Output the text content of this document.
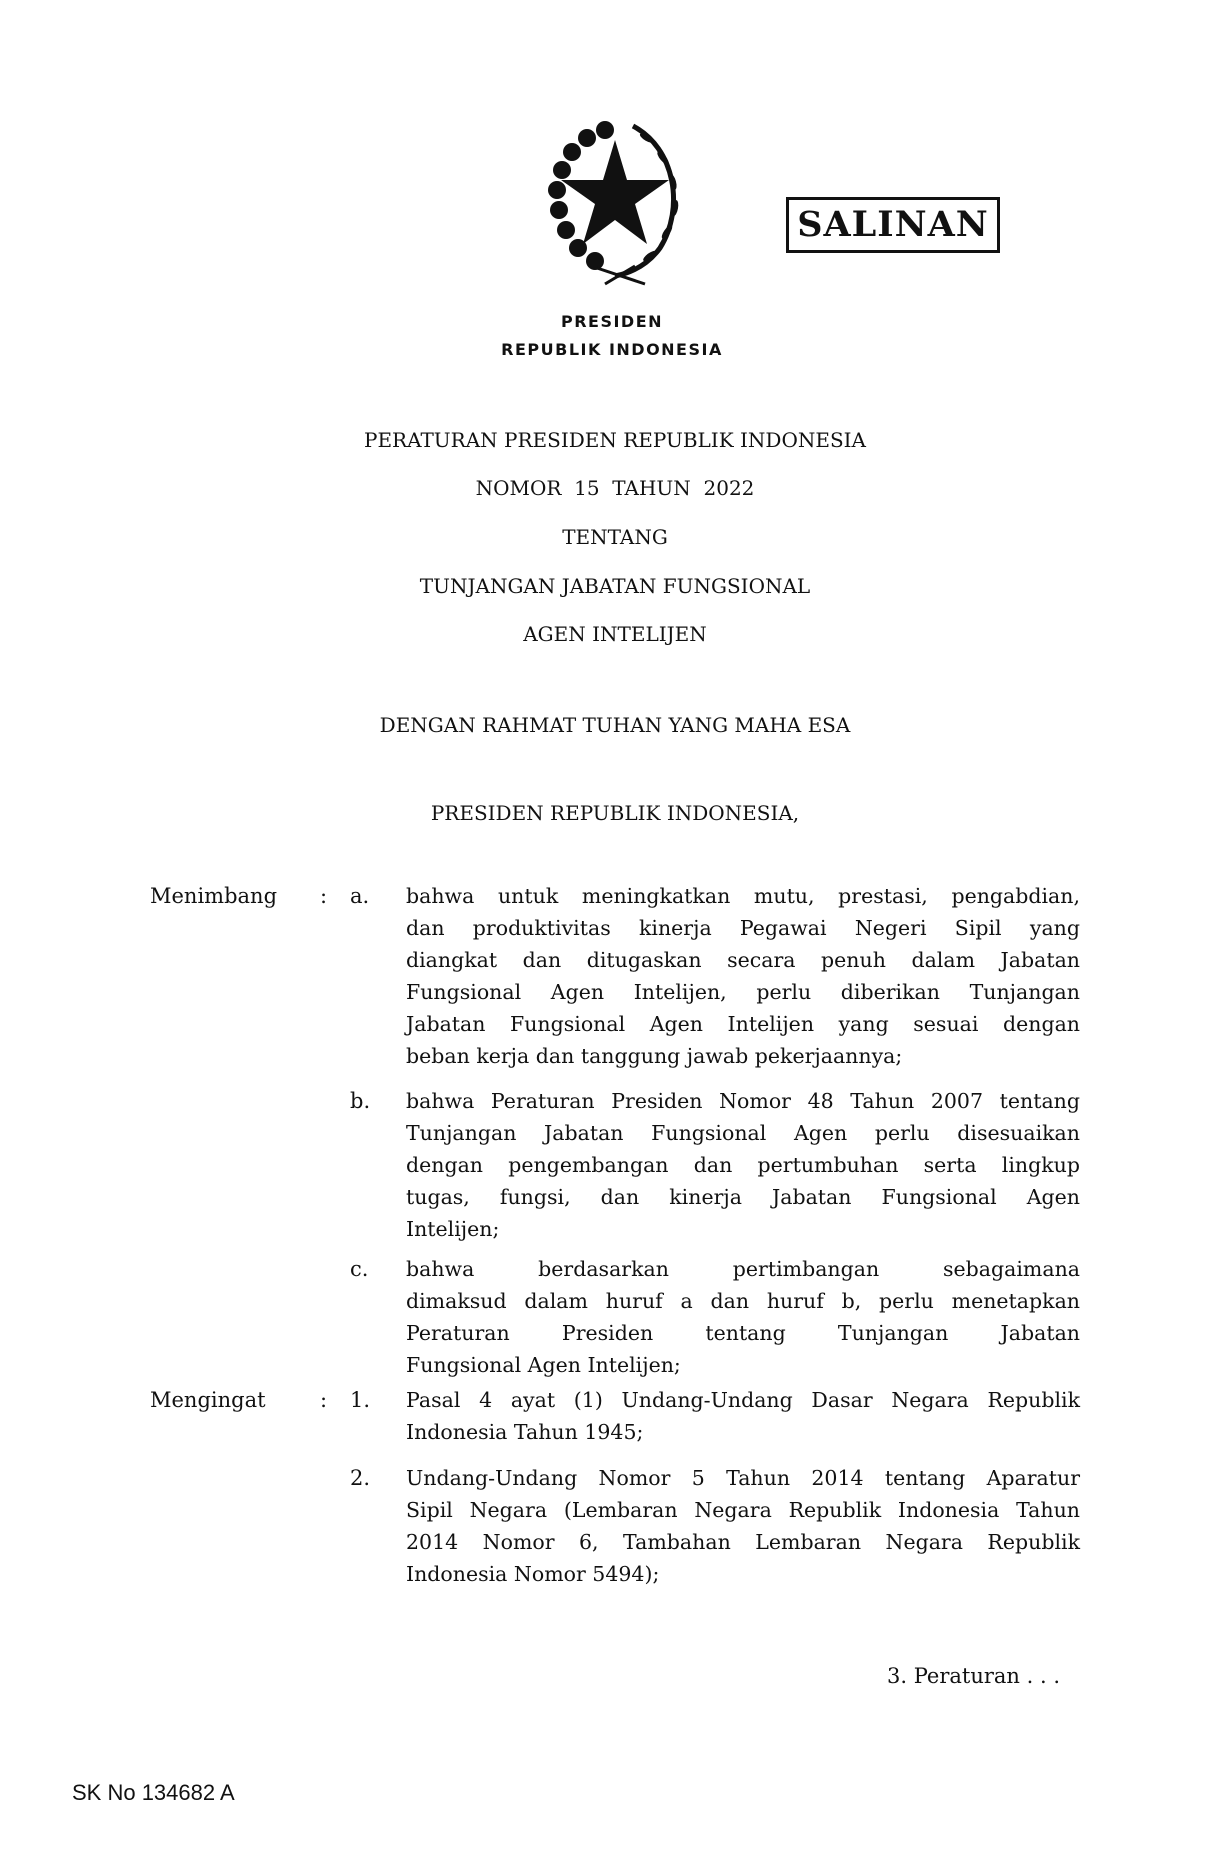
SALINAN
PRESIDEN
REPUBLIK INDONESIA
PERATURAN PRESIDEN REPUBLIK INDONESIA
NOMOR  15  TAHUN  2022
TENTANG
TUNJANGAN JABATAN FUNGSIONAL
AGEN INTELIJEN
DENGAN RAHMAT TUHAN YANG MAHA ESA
PRESIDEN REPUBLIK INDONESIA,
Menimbang :
Mengingat	:
a. bahwa untuk meningkatkan mutu, prestasi, pengabdian,
dan produktivitas kinerja Pegawai Negeri Sipil yang
diangkat dan ditugaskan secara penuh dalam Jabatan
Fungsional Agen Intelijen, perlu diberikan Tunjangan
Jabatan Fungsional Agen Intelijen yang sesuai dengan
beban kerja dan tanggung jawab pekerjaannya;
b. bahwa Peraturan Presiden Nomor 48 Tahun 2007 tentang
Tunjangan Jabatan Fungsional Agen perlu disesuaikan
dengan pengembangan dan pertumbuhan serta lingkup
tugas, fungsi, dan kinerja Jabatan Fungsional Agen
Intelijen;
c. bahwa berdasarkan pertimbangan sebagaimana
dimaksud dalam huruf a dan huruf b, perlu menetapkan
Peraturan Presiden tentang Tunjangan Jabatan
Fungsional Agen Intelijen;
1. Pasal 4 ayat (1) Undang-Undang Dasar Negara Republik
Indonesia Tahun 1945;
2. Undang-Undang Nomor 5 Tahun 2014 tentang Aparatur
Sipil Negara (Lembaran Negara Republik Indonesia Tahun
2014 Nomor 6, Tambahan Lembaran Negara Republik
Indonesia Nomor 5494);
3. Peraturan . . .
SK No 134682 A
